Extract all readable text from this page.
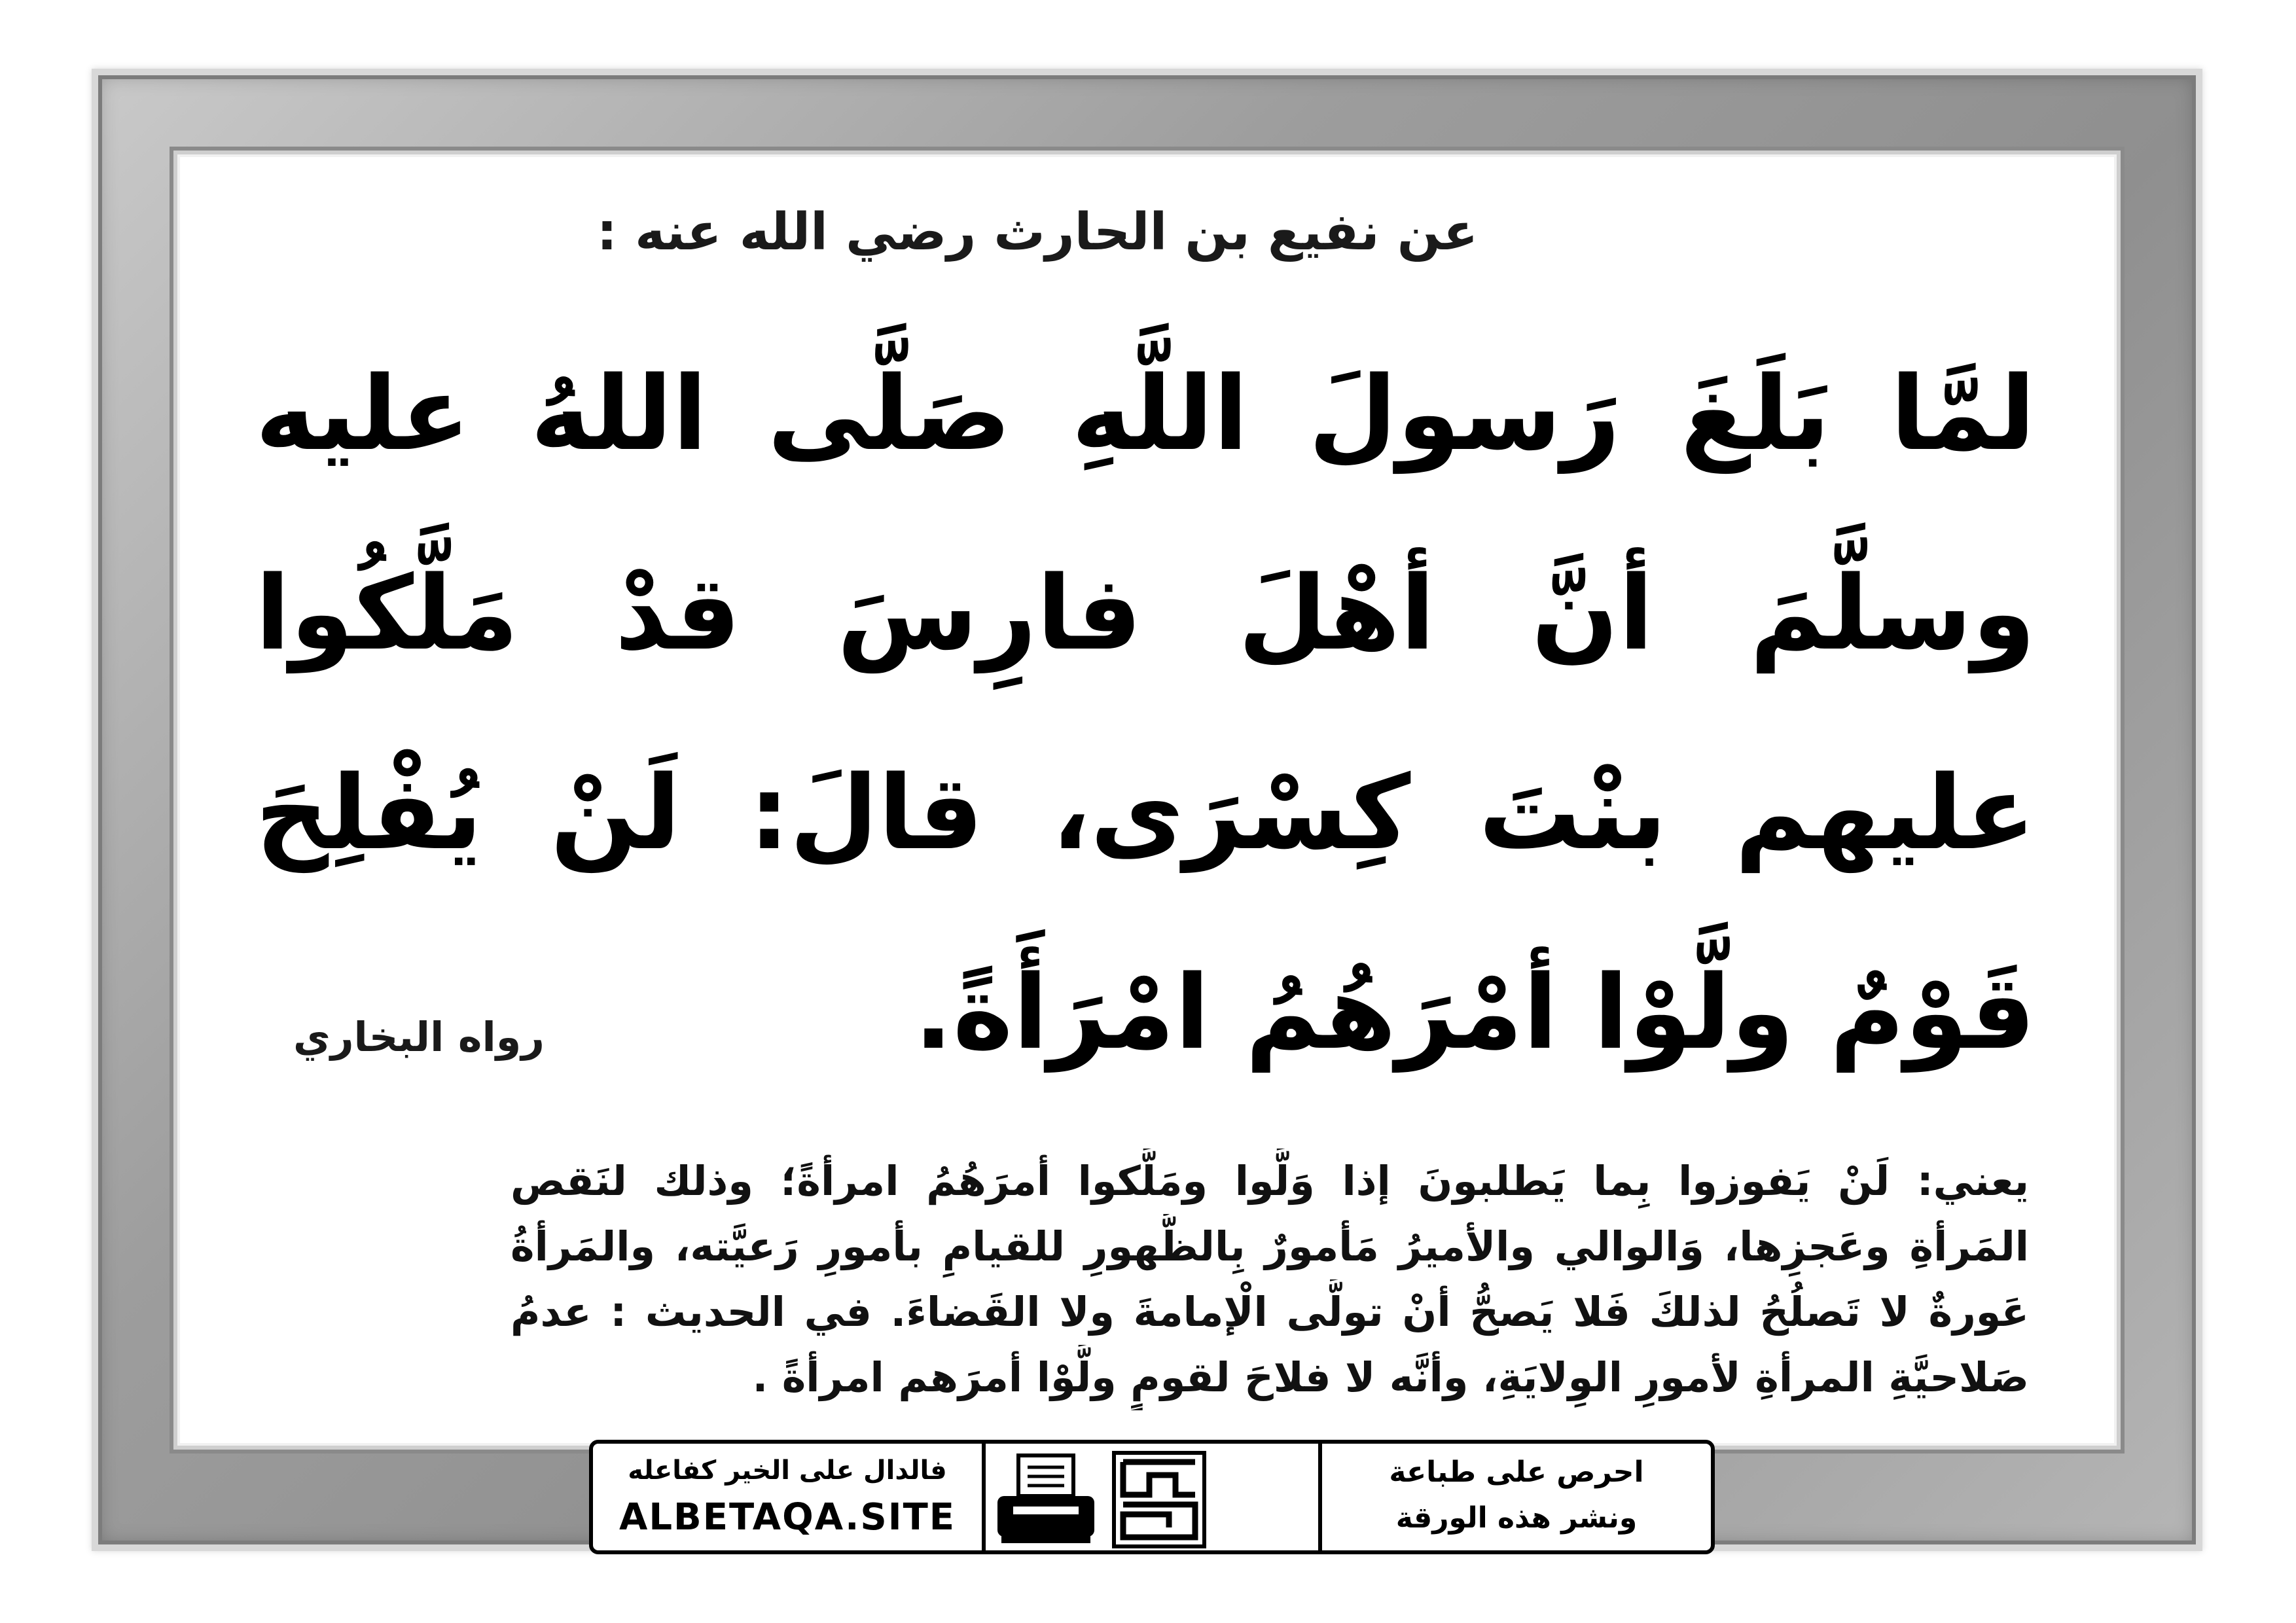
عن نفيع بن الحارث رضي الله عنه :
لمَّا بَلَغَ رَسولَ اللَّهِ صَلَّى اللهُ عليه
وسلَّمَ أنَّ أهْلَ فارِسَ قدْ مَلَّكُوا
عليهم بنْتَ كِسْرَى، قالَ: لَنْ يُفْلِحَ
قَوْمٌ ولَّوْا أمْرَهُمُ امْرَأَةً.
رواه البخاري
يعني: لَنْ يَفوزوا بِما يَطلبونَ إذا وَلَّوا ومَلَّكوا أمرَهُمُ امرأةً؛ وذلك لنَقص
المَرأةِ وعَجزِها، وَالوالي والأميرُ مَأمورٌ بِالظُّهورِ للقيامِ بأمورِ رَعيَّته، والمَرأةُ
عَورةٌ لا تَصلُحُ لذلكَ فَلا يَصحُّ أنْ تولَّى الْإمامةَ ولا القَضاءَ. في الحديث : عدمُ
صَلاحيَّةِ المرأةِ لأمورِ الوِلايَةِ، وأنَّه لا فلاحَ لقومٍ ولَّوْا أمرَهم امرأةً .
فالدال على الخير كفاعله
ALBETAQA.SITE
احرص على طباعة
ونشر هذه الورقة
